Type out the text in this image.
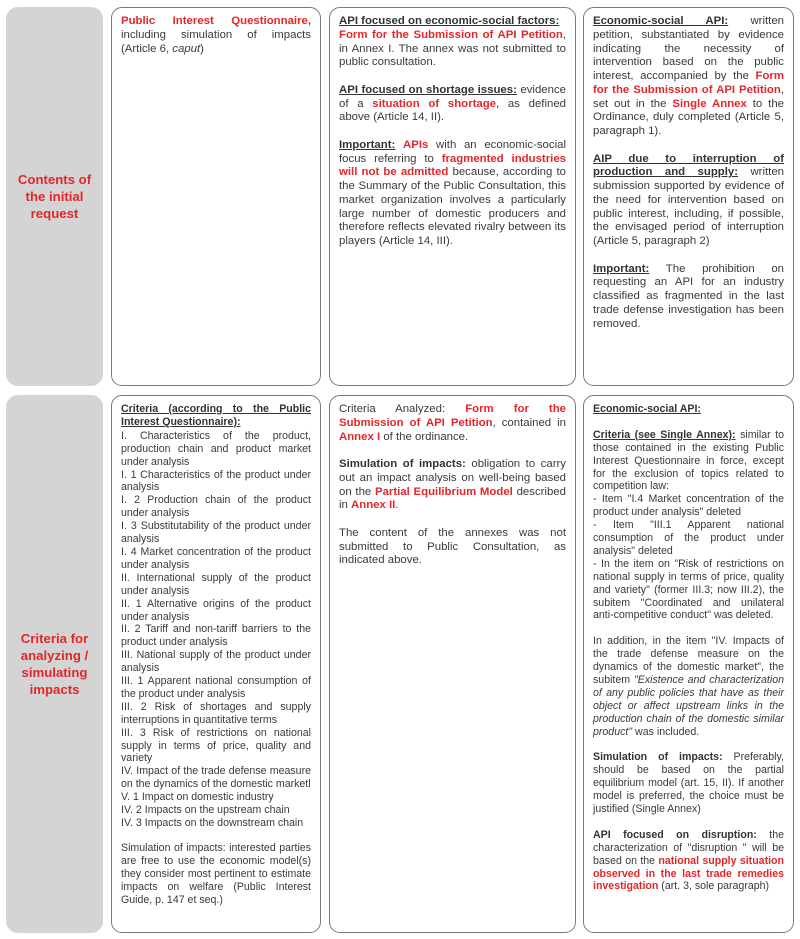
Contents of the initial request
Criteria for analyzing / simulating impacts

Public Interest Questionnaire, including simulation of impacts (Article 6, caput)

API focused on economic-social factors:
Form for the Submission of API Petition, in Annex I. The annex was not submitted to public consultation.

API focused on shortage issues: evidence of a situation of shortage, as defined above (Article 14, II).

Important: APIs with an economic-social focus referring to fragmented industries will not be admitted because, according to the Summary of the Public Consultation, this market organization involves a particularly large number of domestic producers and therefore reflects elevated rivalry between its players (Article 14, III).

Economic-social API: written petition, substantiated by evidence indicating the necessity of intervention based on the public interest, accompanied by the Form for the Submission of API Petition, set out in the Single Annex to the Ordinance, duly completed (Article 5, paragraph 1).

AIP due to interruption of production and supply: written submission supported by evidence of the need for intervention based on public interest, including, if possible, the envisaged period of interruption (Article 5, paragraph 2)

Important: The prohibition on requesting an API for an industry classified as fragmented in the last trade defense investigation has been removed.

Criteria (according to the Public Interest Questionnaire):
I. Characteristics of the product, production chain and product market under analysis
I. 1 Characteristics of the product under analysis
I. 2 Production chain of the product under analysis
I. 3 Substitutability of the product under analysis
I. 4 Market concentration of the product under analysis
II. International supply of the product under analysis
II. 1 Alternative origins of the product under analysis
II. 2 Tariff and non-tariff barriers to the product under analysis
III. National supply of the product under analysis
III. 1 Apparent national consumption of the product under analysis
III. 2 Risk of shortages and supply interruptions in quantitative terms
III. 3 Risk of restrictions on national supply in terms of price, quality and variety
IV. Impact of the trade defense measure on the dynamics of the domestic marketl
V. 1 Impact on domestic industry
IV. 2 Impacts on the upstream chain
IV. 3 Impacts on the downstream chain
Simulation of impacts: interested parties are free to use the economic model(s) they consider most pertinent to estimate impacts on welfare (Public Interest Guide, p. 147 et seq.)

Criteria Analyzed: Form for the Submission of API Petition, contained in Annex I of the ordinance.

Simulation of impacts: obligation to carry out an impact analysis on well-being based on the Partial Equilibrium Model described in Annex II.

The content of the annexes was not submitted to Public Consultation, as indicated above.

Economic-social API:

Criteria (see Single Annex): similar to those contained in the existing Public Interest Questionnaire in force, except for the exclusion of topics related to competition law:
- Item "I.4 Market concentration of the product under analysis" deleted
- Item "III.1 Apparent national consumption of the product under analysis" deleted
- In the item on "Risk of restrictions on national supply in terms of price, quality and variety" (former III.3; now III.2), the subitem "Coordinated and unilateral anti-competitive conduct" was deleted.

In addition, in the item "IV. Impacts of the trade defense measure on the dynamics of the domestic market", the subitem "Existence and characterization of any public policies that have as their object or affect upstream links in the production chain of the domestic similar product" was included.

Simulation of impacts: Preferably, should be based on the partial equilibrium model (art. 15, II). If another model is preferred, the choice must be justified (Single Annex)

API focused on disruption: the characterization of "disruption " will be based on the national supply situation observed in the last trade remedies investigation (art. 3, sole paragraph)
